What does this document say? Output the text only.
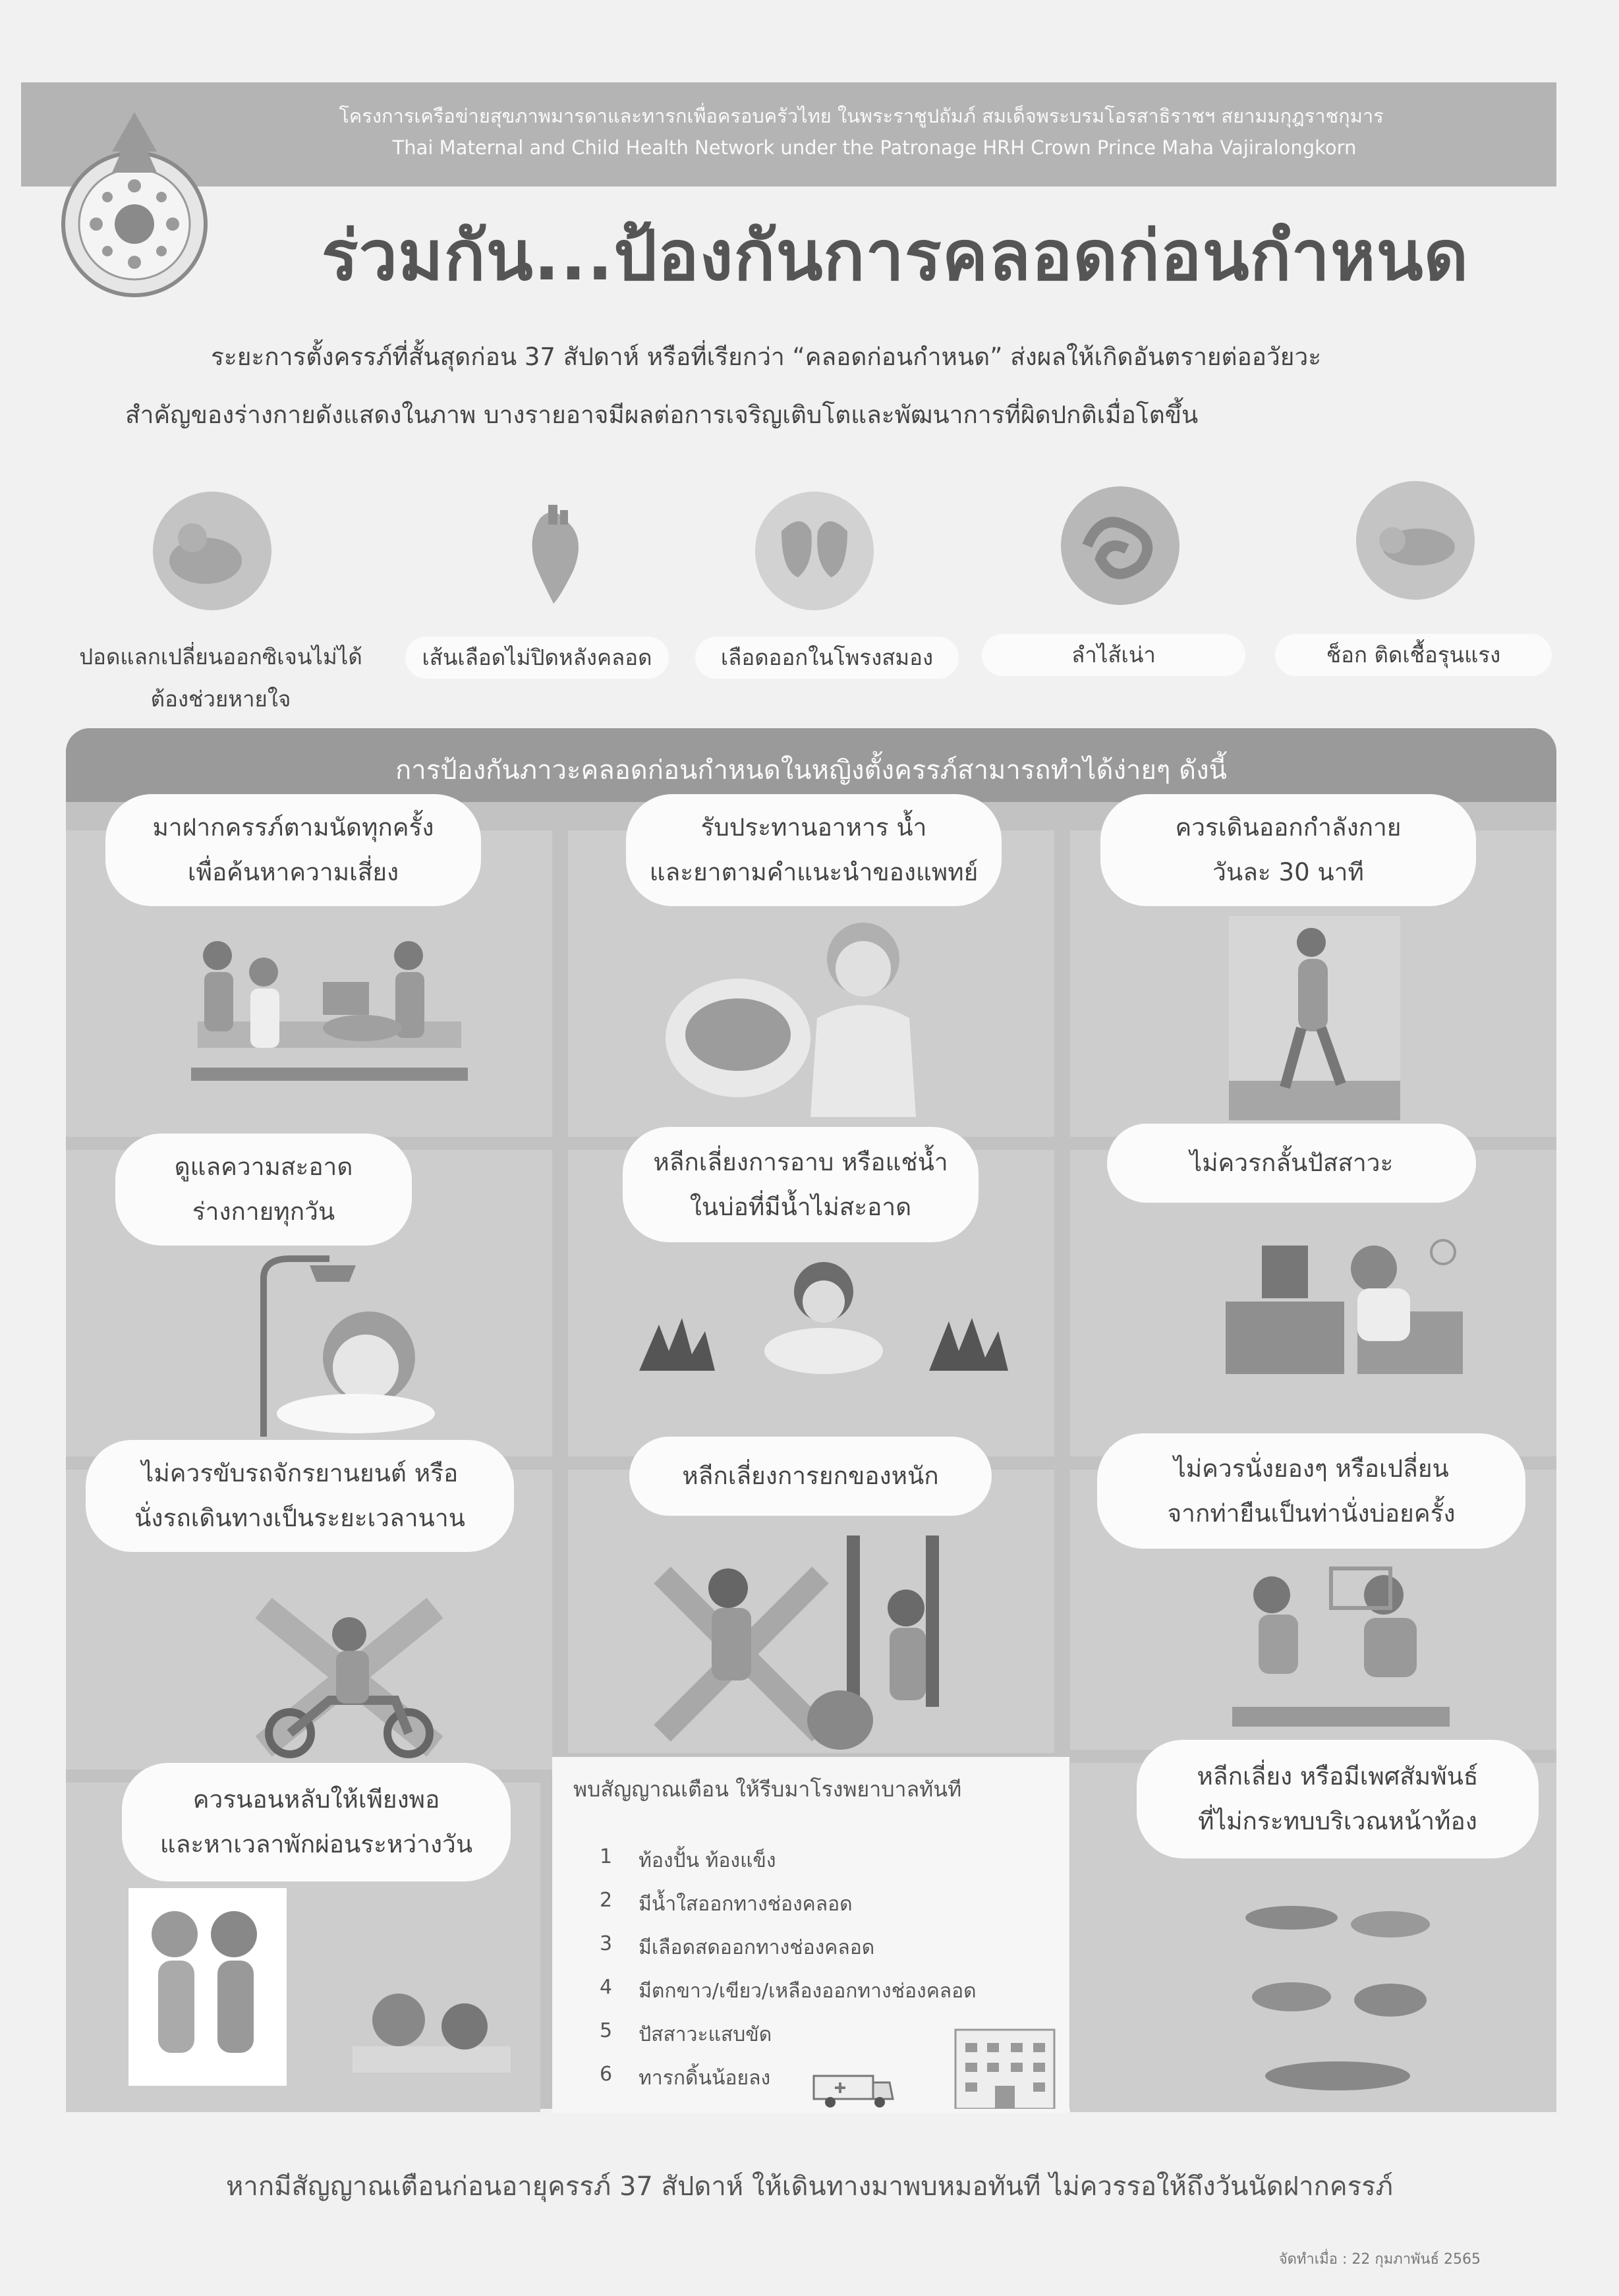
โครงการเครือข่ายสุขภาพมารดาและทารกเพื่อครอบครัวไทย ในพระราชูปถัมภ์ สมเด็จพระบรมโอรสาธิราชฯ สยามมกุฎราชกุมาร
Thai Maternal and Child Health Network under the Patronage HRH Crown Prince Maha Vajiralongkorn
ร่วมกัน...ป้องกันการคลอดก่อนกำหนด

ระยะการตั้งครรภ์ที่สั้นสุดก่อน 37 สัปดาห์ หรือที่เรียกว่า “คลอดก่อนกำหนด” ส่งผลให้เกิดอันตรายต่ออวัยวะ

สำคัญของร่างกายดังแสดงในภาพ บางรายอาจมีผลต่อการเจริญเติบโตและพัฒนาการที่ผิดปกติเมื่อโตขึ้น

ปอดแลกเปลี่ยนออกซิเจนไม่ได้
ต้องช่วยหายใจ
เส้นเลือดไม่ปิดหลังคลอด	เลือดออกในโพรงสมอง	ลำไส้เน่า	ช็อก ติดเชื้อรุนแรง
การป้องกันภาวะคลอดก่อนกำหนดในหญิงตั้งครรภ์สามารถทำได้ง่ายๆ ดังนี้
มาฝากครรภ์ตามนัดทุกครั้ง
เพื่อค้นหาความเสี่ยง
รับประทานอาหาร น้ำ
และยาตามคำแนะนำของแพทย์
ควรเดินออกกำลังกาย
วันละ 30 นาที
ดูแลความสะอาด
ร่างกายทุกวัน
หลีกเลี่ยงการอาบ หรือแช่น้ำ
ในบ่อที่มีน้ำไม่สะอาด
ไม่ควรกลั้นปัสสาวะ
ไม่ควรขับรถจักรยานยนต์ หรือ
นั่งรถเดินทางเป็นระยะเวลานาน
หลีกเลี่ยงการยกของหนัก	ไม่ควรนั่งยองๆ หรือเปลี่ยน
จากท่ายืนเป็นท่านั่งบ่อยครั้ง
ควรนอนหลับให้เพียงพอ
และหาเวลาพักผ่อนระหว่างวัน
หลีกเลี่ยง หรือมีเพศสัมพันธ์
ที่ไม่กระทบบริเวณหน้าท้อง
พบสัญญาณเตือน ให้รีบมาโรงพยาบาลทันที
1 ท้องปั้น ท้องแข็ง
2 มีน้ำใสออกทางช่องคลอด
3 มีเลือดสดออกทางช่องคลอด
4 มีตกขาว/เขียว/เหลืองออกทางช่องคลอด
5 ปัสสาวะแสบขัด
6 ทารกดิ้นน้อยลง
หากมีสัญญาณเตือนก่อนอายุครรภ์ 37 สัปดาห์ ให้เดินทางมาพบหมอทันที ไม่ควรรอให้ถึงวันนัดฝากครรภ์
จัดทำเมื่อ : 22 กุมภาพันธ์ 2565
